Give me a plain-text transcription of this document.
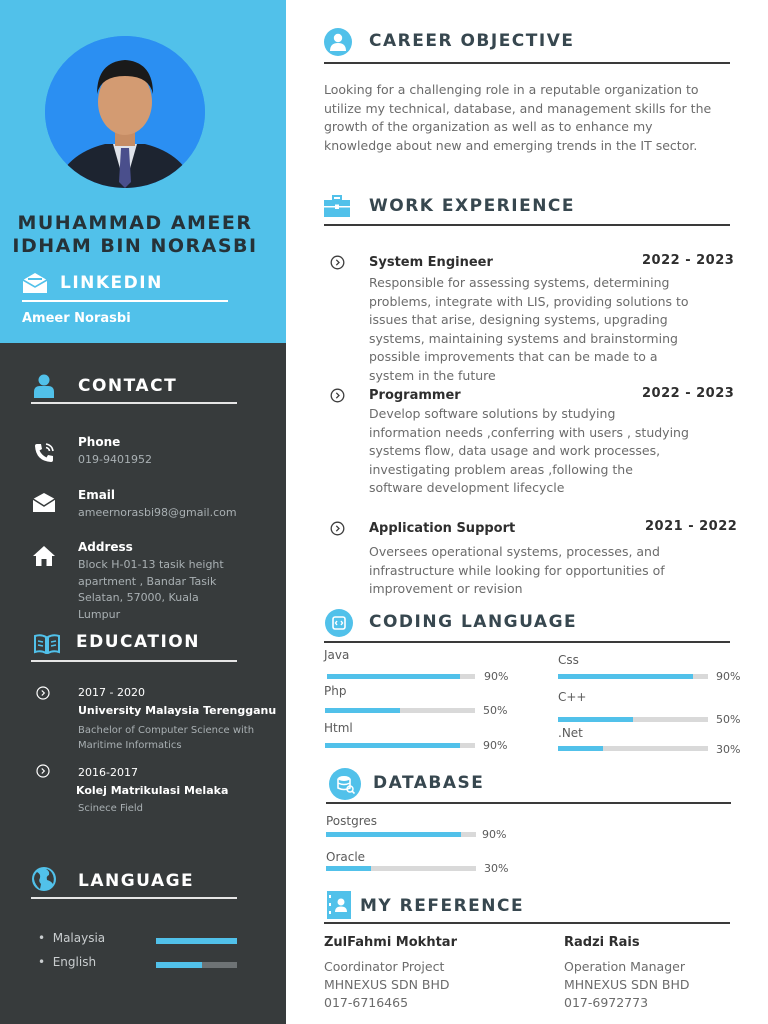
MUHAMMAD AMEER
IDHAM BIN NORASBI
LINKEDIN
Ameer Norasbi
CONTACT
Phone
019-9401952
Email
ameernorasbi98@gmail.com
Address
Block H-01-13 tasik height
apartment , Bandar Tasik
Selatan, 57000, Kuala
Lumpur
EDUCATION
2017 - 2020
University Malaysia Terengganu
Bachelor of Computer Science with
Maritime Informatics
2016-2017
Kolej Matrikulasi Melaka
Scinece Field
LANGUAGE
•  Malaysia
•  English
CAREER OBJECTIVE
Looking for a challenging role in a reputable organization to
utilize my technical, database, and management skills for the
growth of the organization as well as to enhance my
knowledge about new and emerging trends in the IT sector.
WORK EXPERIENCE
System Engineer	2022 - 2023
Responsible for assessing systems, determining
problems, integrate with LIS, providing solutions to
issues that arise, designing systems, upgrading
systems, maintaining systems and brainstorming
possible improvements that can be made to a
system in the future
Programmer	2022 - 2023
Develop software solutions by studying
information needs ,conferring with users , studying
systems flow, data usage and work processes,
investigating problem areas ,following the
software development lifecycle
Application Support	2021 - 2022
Oversees operational systems, processes, and
infrastructure while looking for opportunities of
improvement or revision
CODING LANGUAGE
Java
90%
Php
50%
Html
90%
Css
90%
C++
50%
.Net
30%
DATABASE
Postgres
90%
Oracle
30%
MY REFERENCE
ZulFahmi Mokhtar
Coordinator Project
MHNEXUS SDN BHD
017-6716465
Radzi Rais
Operation Manager
MHNEXUS SDN BHD
017-6972773
